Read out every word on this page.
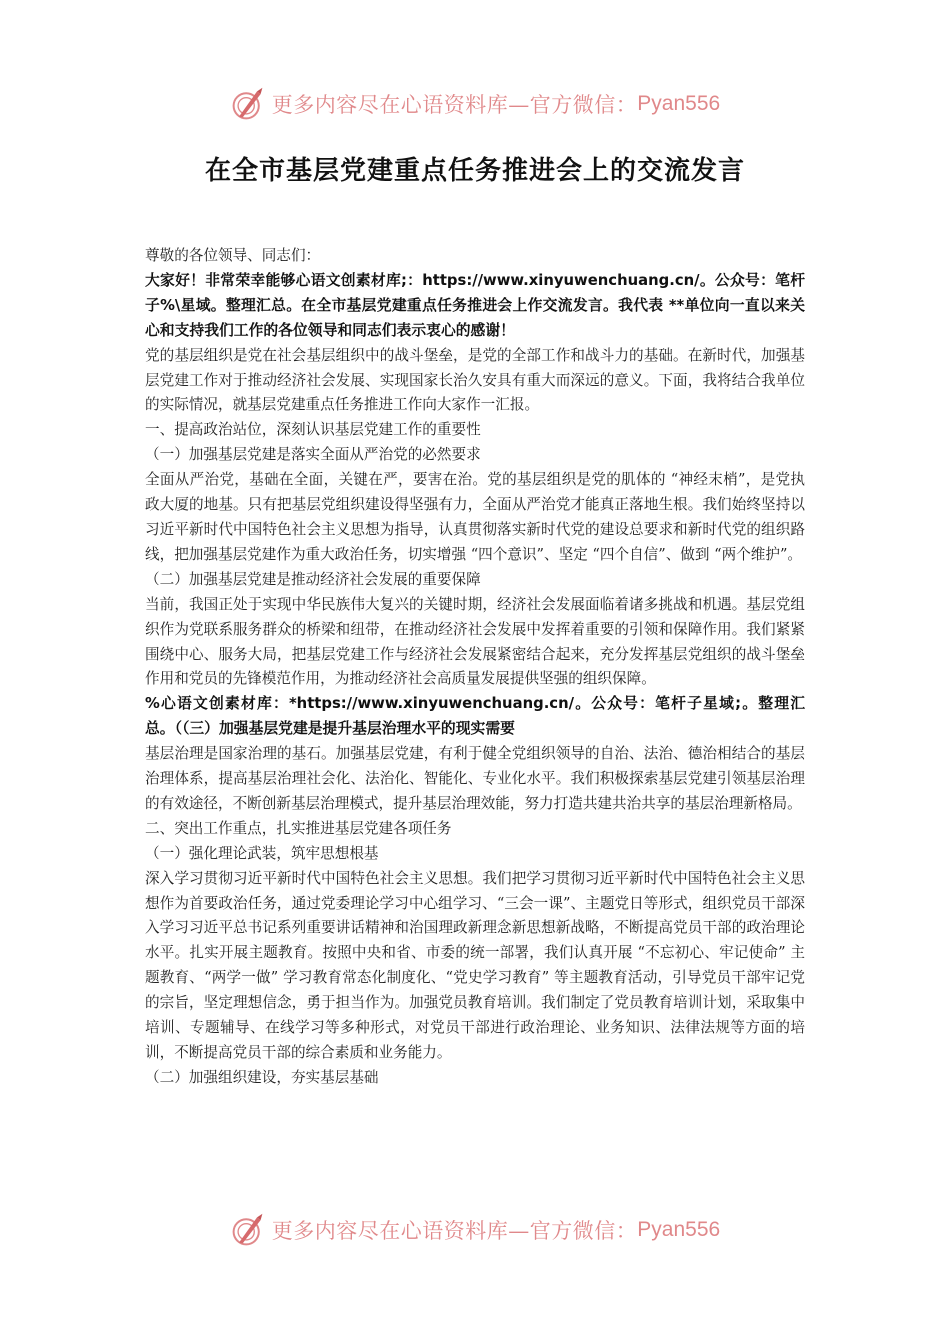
更多内容尽在心语资料库—官方微信： Pyan556
在全市基层党建重点任务推进会上的交流发言

尊敬的各位领导、同志们：

大家好！非常荣幸能够心语文创素材库;：https://www.xinyuwenchuang.cn/。公众号：笔杆子%\星域。整理汇总。在全市基层党建重点任务推进会上作交流发言。我代表 **单位向一直以来关心和支持我们工作的各位领导和同志们表示衷心的感谢！

党的基层组织是党在社会基层组织中的战斗堡垒，是党的全部工作和战斗力的基础。在新时代，加强基层党建工作对于推动经济社会发展、实现国家长治久安具有重大而深远的意义。下面，我将结合我单位的实际情况，就基层党建重点任务推进工作向大家作一汇报。

一、提高政治站位，深刻认识基层党建工作的重要性

（一）加强基层党建是落实全面从严治党的必然要求

全面从严治党，基础在全面，关键在严，要害在治。党的基层组织是党的肌体的 “神经末梢”，是党执政大厦的地基。只有把基层党组织建设得坚强有力，全面从严治党才能真正落地生根。我们始终坚持以习近平新时代中国特色社会主义思想为指导，认真贯彻落实新时代党的建设总要求和新时代党的组织路线，把加强基层党建作为重大政治任务，切实增强 “四个意识”、坚定 “四个自信”、做到 “两个维护”。

（二）加强基层党建是推动经济社会发展的重要保障

当前，我国正处于实现中华民族伟大复兴的关键时期，经济社会发展面临着诸多挑战和机遇。基层党组织作为党联系服务群众的桥梁和纽带，在推动经济社会发展中发挥着重要的引领和保障作用。我们紧紧围绕中心、服务大局，把基层党建工作与经济社会发展紧密结合起来，充分发挥基层党组织的战斗堡垒作用和党员的先锋模范作用，为推动经济社会高质量发展提供坚强的组织保障。

%心语文创素材库：*https://www.xinyuwenchuang.cn/。公众号：笔杆子星域;。整理汇总。（（三）加强基层党建是提升基层治理水平的现实需要

基层治理是国家治理的基石。加强基层党建，有利于健全党组织领导的自治、法治、德治相结合的基层治理体系，提高基层治理社会化、法治化、智能化、专业化水平。我们积极探索基层党建引领基层治理的有效途径，不断创新基层治理模式，提升基层治理效能，努力打造共建共治共享的基层治理新格局。

二、突出工作重点，扎实推进基层党建各项任务

（一）强化理论武装，筑牢思想根基

深入学习贯彻习近平新时代中国特色社会主义思想。我们把学习贯彻习近平新时代中国特色社会主义思想作为首要政治任务，通过党委理论学习中心组学习、“三会一课”、主题党日等形式，组织党员干部深入学习习近平总书记系列重要讲话精神和治国理政新理念新思想新战略，不断提高党员干部的政治理论水平。扎实开展主题教育。按照中央和省、市委的统一部署，我们认真开展 “不忘初心、牢记使命” 主题教育、“两学一做” 学习教育常态化制度化、“党史学习教育” 等主题教育活动，引导党员干部牢记党的宗旨，坚定理想信念，勇于担当作为。加强党员教育培训。我们制定了党员教育培训计划，采取集中培训、专题辅导、在线学习等多种形式，对党员干部进行政治理论、业务知识、法律法规等方面的培训，不断提高党员干部的综合素质和业务能力。

（二）加强组织建设，夯实基层基础

更多内容尽在心语资料库—官方微信： Pyan556
